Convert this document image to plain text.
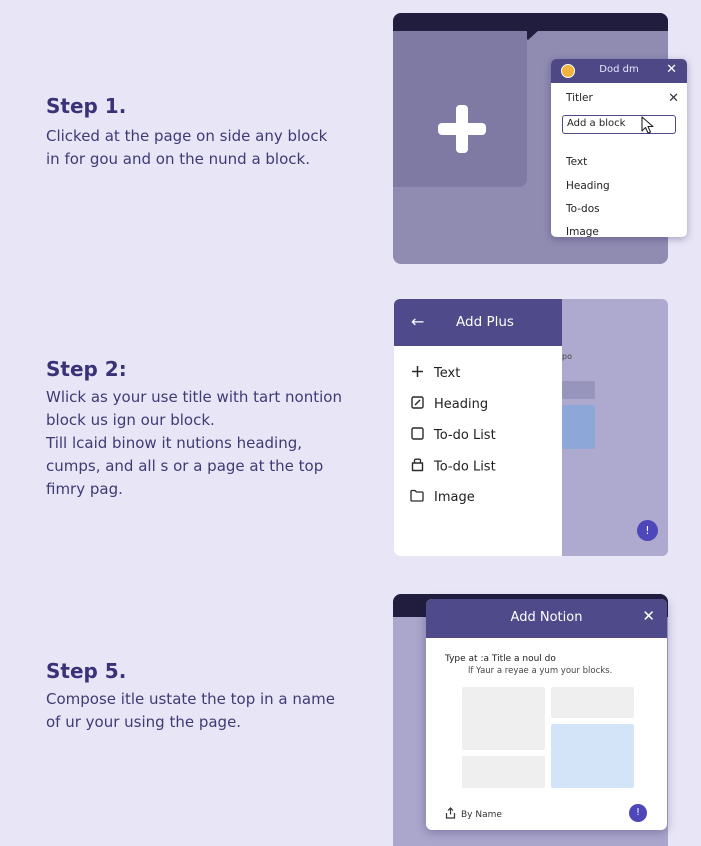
Step 1.

Clicked at the page on side any block
in for gou and on the nund a block.

Dod dm	✕
Titler	✕
Add a block
Text
Heading
To-dos
Image
Step 2:

Wlick as your use title with tart nontion
block us ign our block.
Till lcaid binow it nutions heading,
cumps, and all s or a page at the top
fimry pag.

po
!
←	Add Plus
Text
Heading
To-do List
To-do List
Image
Step 5.

Compose itle ustate the top in a name
of ur your using the page.

Add Notion	✕
Type at :a Title a noul do
lf Yaur a reyae a yum your blocks.
By Name	!
